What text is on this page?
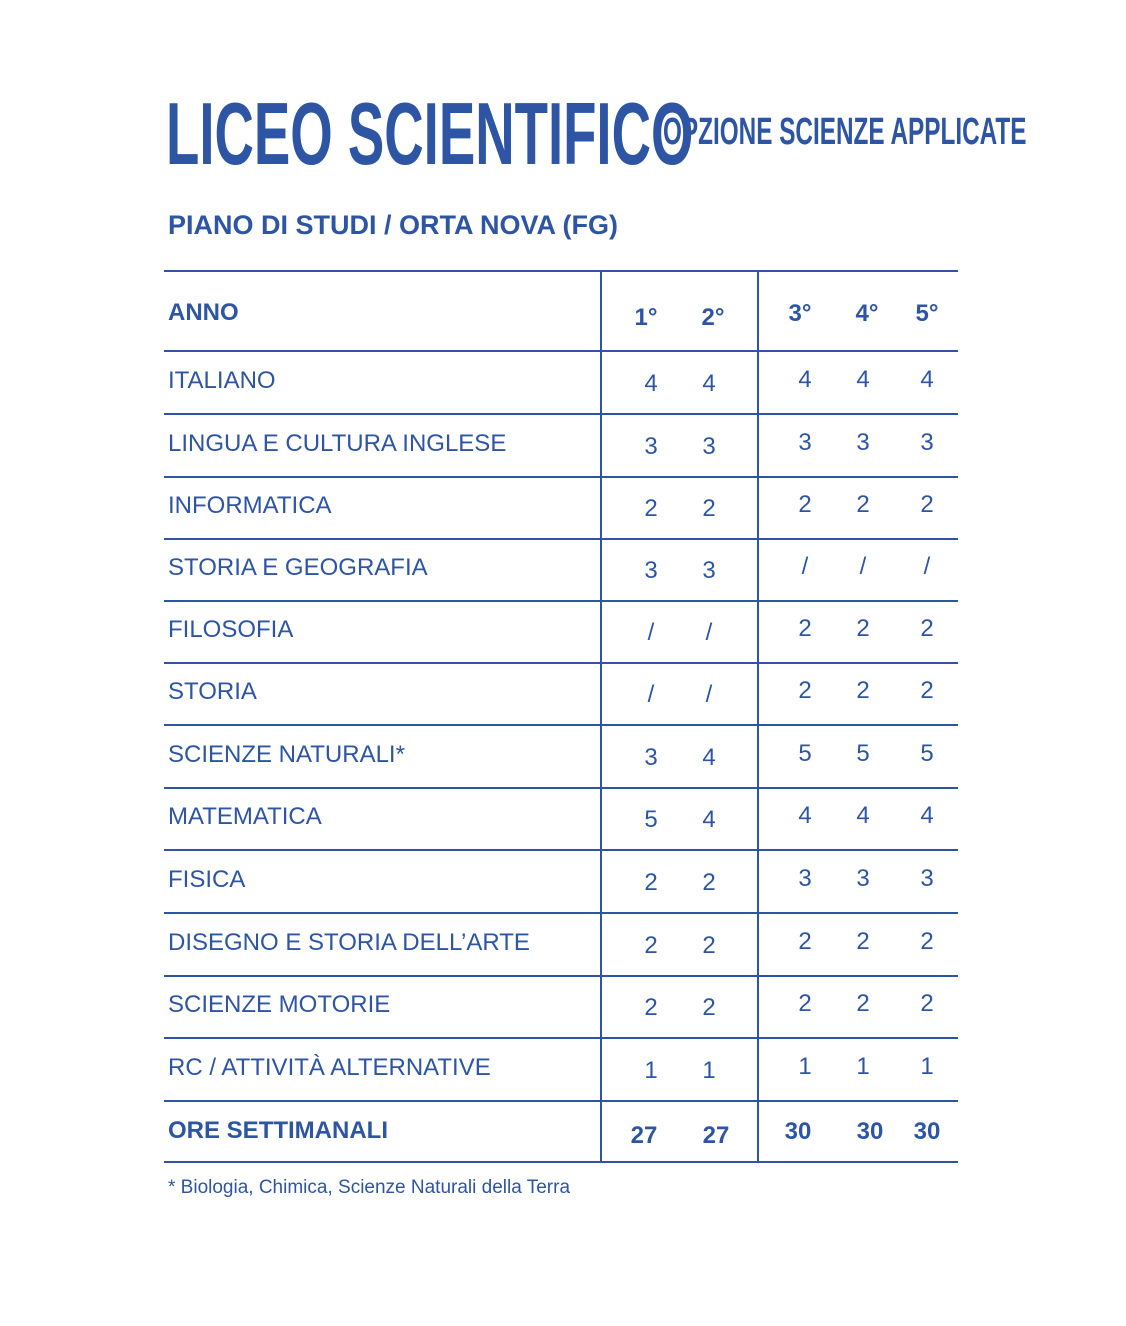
LICEO SCIENTIFICO
OPZIONE SCIENZE APPLICATE
PIANO DI STUDI / ORTA NOVA (FG)
ANNO	1°	2°	3°	4°	5°
ITALIANO	4	4	4	4	4
LINGUA E CULTURA INGLESE	3	3	3	3	3
INFORMATICA	2	2	2	2	2
STORIA E GEOGRAFIA	3	3	/	/	/
FILOSOFIA	/	/	2	2	2
STORIA	/	/	2	2	2
SCIENZE NATURALI*	3	4	5	5	5
MATEMATICA	5	4	4	4	4
FISICA	2	2	3	3	3
DISEGNO E STORIA DELL’ARTE	2	2	2	2	2
SCIENZE MOTORIE	2	2	2	2	2
RC / ATTIVITÀ ALTERNATIVE	1	1	1	1	1
ORE SETTIMANALI	27 27 30 30 30
* Biologia, Chimica, Scienze Naturali della Terra
